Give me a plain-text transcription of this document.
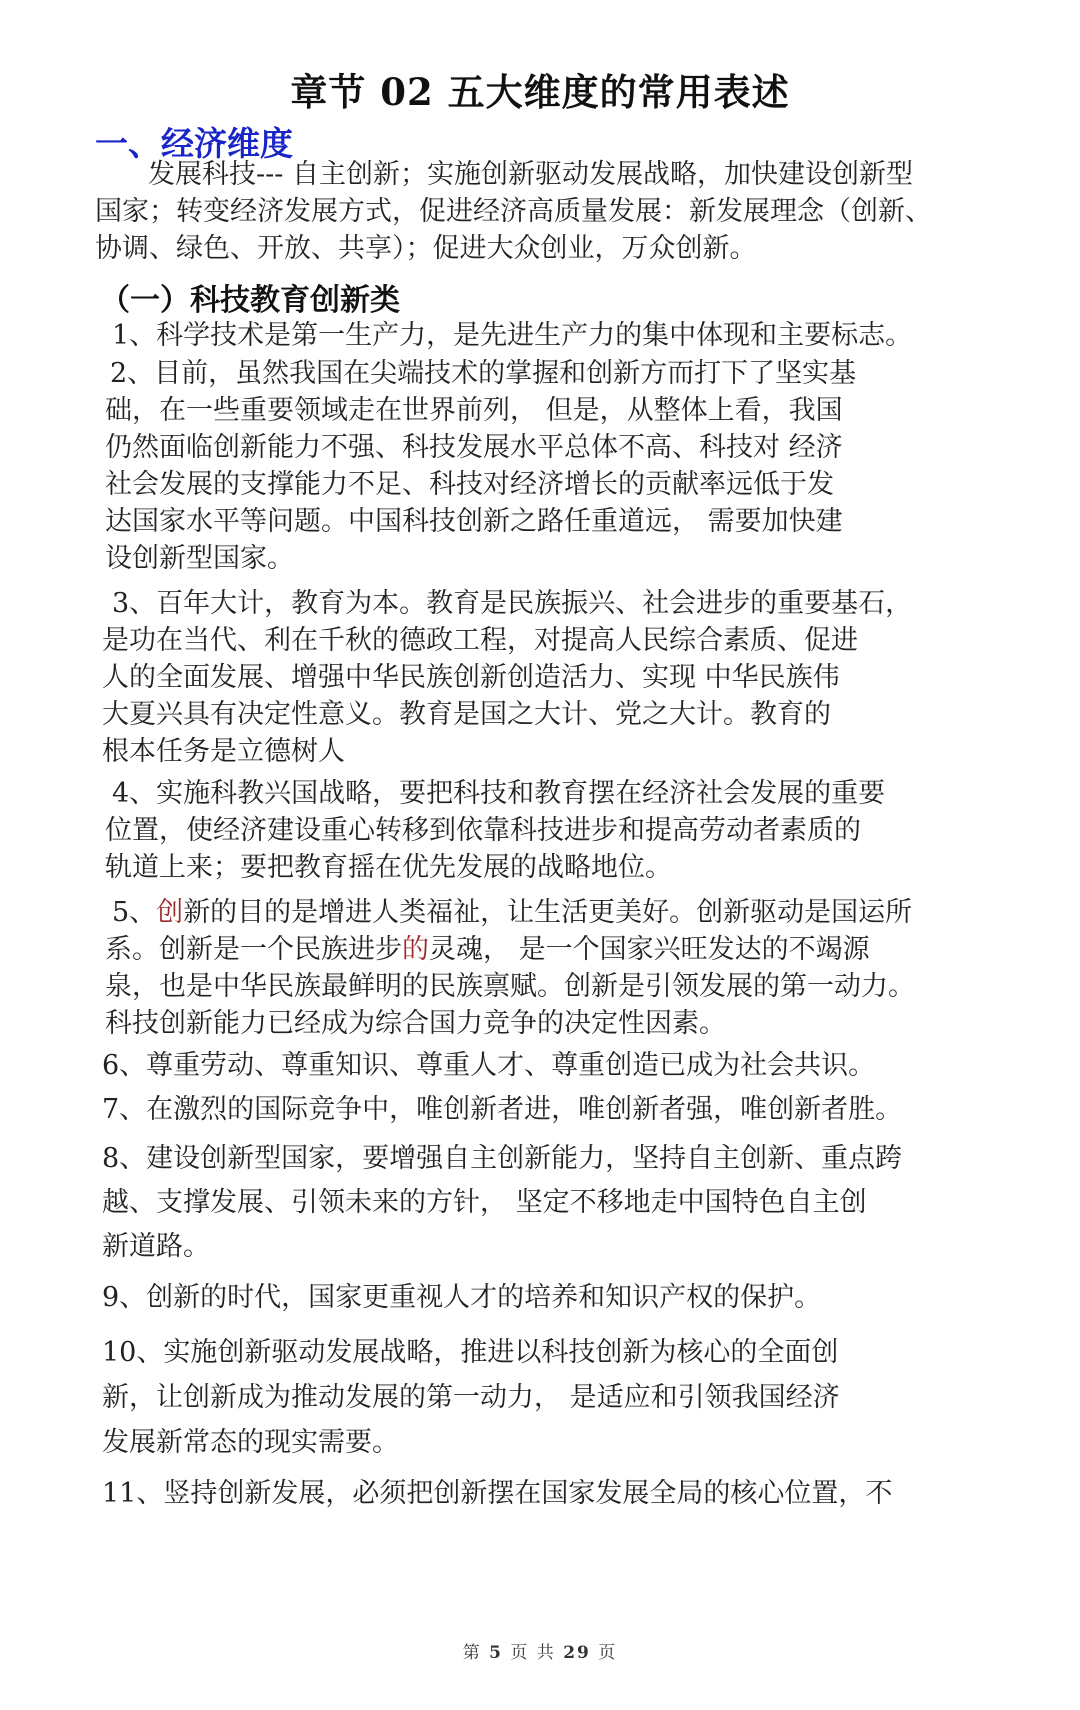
章节 02 五大维度的常用表述
一、经济维度
发展科技--- 自主创新；实施创新驱动发展战略，加快建设创新型
国家；转变经济发展方式，促进经济高质量发展：新发展理念（创新、
协调、绿色、开放、共享）；促进大众创业，万众创新。
（一）科技教育创新类
1、科学技术是第一生产力，是先进生产力的集中体现和主要标志。
2、目前，虽然我国在尖端技术的掌握和创新方而打下了坚实基
础，在一些重要领域走在世界前列， 但是，从整体上看，我国
仍然面临创新能力不强、科技发展水平总体不高、科技对 经济
社会发展的支撑能力不足、科技对经济增长的贡献率远低于发
达国家水平等问题。中国科技创新之路任重道远， 需要加快建
设创新型国家。
3、百年大计，教育为本。教育是民族振兴、社会进步的重要基石，
是功在当代、利在千秋的德政工程，对提高人民综合素质、促进
人的全面发展、增强中华民族创新创造活力、实现 中华民族伟
大夏兴具有决定性意义。教育是国之大计、党之大计。教育的
根本任务是立德树人
4、实施科教兴国战略，要把科技和教育摆在经济社会发展的重要
位置，使经济建设重心转移到依靠科技进步和提高劳动者素质的
轨道上来；要把教育摇在优先发展的战略地位。
5、创新的目的是增进人类福祉，让生活更美好。创新驱动是国运所
系。创新是一个民族进步的灵魂， 是一个国家兴旺发达的不竭源
泉，也是中华民族最鲜明的民族禀赋。创新是引领发展的第一动力。
科技创新能力已经成为综合国力竞争的决定性因素。
6、尊重劳动、尊重知识、尊重人才、尊重创造已成为社会共识。
7、在激烈的国际竞争中，唯创新者进，唯创新者强，唯创新者胜。
8、建设创新型国家，要增强自主创新能力，坚持自主创新、重点跨
越、支撑发展、引领未来的方针， 坚定不移地走中国特色自主创
新道路。
9、创新的时代，国家更重视人才的培养和知识产权的保护。
10、实施创新驱动发展战略，推进以科技创新为核心的全面创
新，让创新成为推动发展的第一动力， 是适应和引领我国经济
发展新常态的现实需要。
11、竖持创新发展，必须把创新摆在国家发展全局的核心位置，不
第 5 页 共 29 页
